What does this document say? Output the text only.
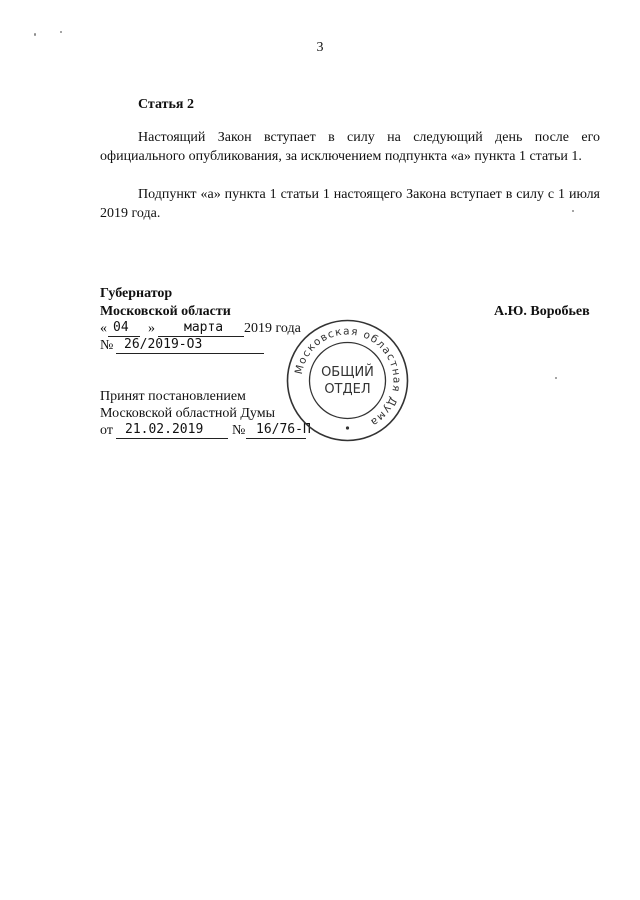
3
Статья 2

Настоящий Закон вступает в силу на следующий день после его официального опубликования, за исключением подпункта «а» пункта 1 статьи 1.

Подпункт «а» пункта 1 статьи 1 настоящего Закона вступает в силу с 1 июля 2019 года.

Губернатор
Московской области	А.Ю. Воробьев
« 04 » марта 2019 года
№ 26/2019-ОЗ
Принят постановлением
Московской областной Думы
от 21.02.2019 № 16/76-П
Московская областная Дума
ОБЩИЙ
ОТДЕЛ
